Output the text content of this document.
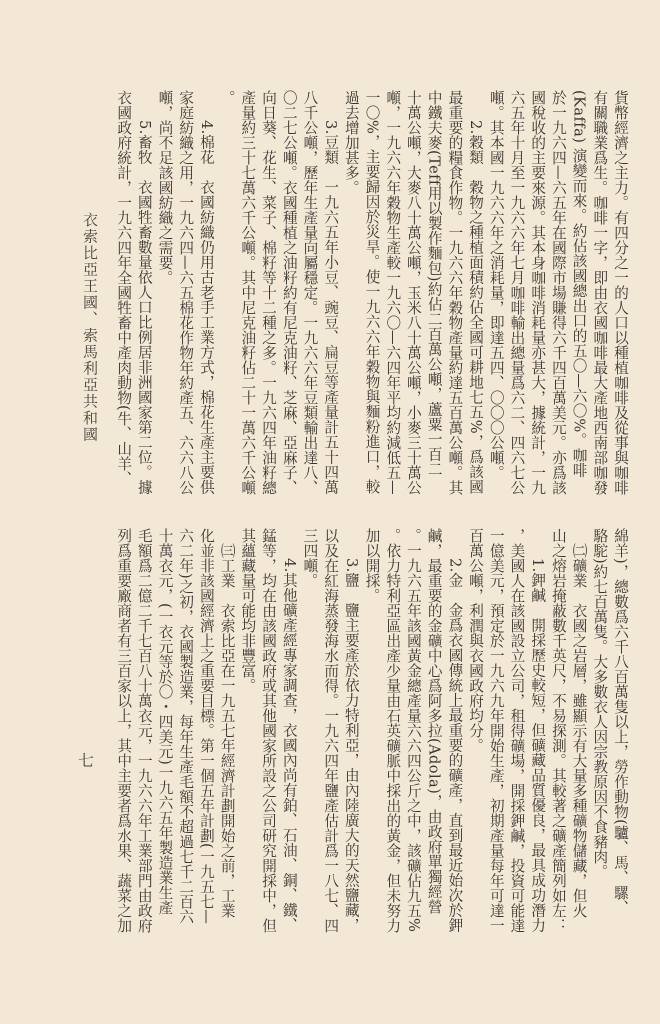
貨幣經濟之主力。有四分之一的人口以種植咖啡及從事與咖啡
有關職業爲生。咖啡一字，即由衣國咖啡最大產地西南部咖發
(Kaffa) 演變而來。約佔該國總出口的五〇—六〇%。咖啡
於一九六四—六五年在國際市場賺得六千四百萬美元。亦爲該
國稅收的主要來源。其本身咖啡消耗量亦甚大，據統計，一九
六五年十月至一九六六年七月咖啡輸出總量爲六二、四六七公
噸。其本國一九六六年之消耗量，即達五四、〇〇〇公噸。
　　2.穀類　穀物之種植面積約佔全國可耕地七五%，爲該國
最重要的糧食作物。一九六六年穀物產量約達五百萬公噸。其
中鐵夫麥(Teff用以製作麵包)約佔二百萬公噸，蘆粟一百二
十萬公噸，大麥八十萬公噸，玉米八十萬公噸，小麥三十萬公
噸，一九六六年穀物生產較一九六〇—六四年平均約減低五—
一〇%，主要歸因於災旱。使一九六六年穀物與麵粉進口，較
過去增加甚多。
　　3.豆類　一九六五年小豆、豌豆、扁豆等產量計五十四萬
八千公噸，歷年生產量向屬穩定。一九六六年豆類輸出達八、
〇二七公噸。衣國種植之油籽約有尼克油籽、芝麻、亞麻子、
向日葵、花生、菜子、棉籽等十二種之多。一九六四年油籽總
產量約三十七萬六千公噸。其中尼克油籽佔二十一萬六千公噸
。
　　4.棉花　衣國紡織仍用古老手工業方式，棉花生產主要供
家庭紡織之用，一九六四—六五棉花作物年約產五、六六八公
噸，尚不足該國紡織之需要。
　　5.畜牧　衣國牲畜數量依人口比例居非洲國家第二位。據
衣國政府統計，一九六四年全國牲畜中產肉動物(牛、山羊、
綿羊)，總數爲六千八百萬隻以上，勞作動物(驢、馬、騾、
駱駝)約七百萬隻。大多數衣人因宗教原因不食豬肉。
　㈡礦業　衣國之岩層，雖顯示有大量多種礦物儲藏，但火
山之熔岩掩蔽數千英尺，不易探測。其較著之礦產簡列如左：
　　1.鉀鹹　開採歷史較短，但礦藏品質優良，最具成功潛力
，美國人在該國設立公司，租得礦場，開採鉀鹹，投資可能達
一億美元，預定於一九六九年開始生產，初期產量每年可達一
百萬公噸，利潤與衣國政府均分。
　　2.金　金爲衣國傳統上最重要的礦產，直到最近始次於鉀
鹹，最重要的金礦中心爲阿多拉(Adola)，由政府單獨經營
。一九六五年該國黃金總產量六六四公斤之中，該礦佔九五%
。依力特利亞區出產少量由石英礦脈中採出的黃金，但未努力
加以開採。
　　3.鹽　鹽主要產於依力特利亞，由內陸廣大的天然鹽藏，
以及在紅海蒸發海水而得。一九六四年鹽產估計爲一八七、四
三四噸。
　　4.其他礦產經專家調查，衣國內尚有鉑、石油、銅、鐵、
錳等，均在由該國政府或其他國家所設之公司研究開採中，但
其蘊藏量可能均非豐富。
　㈢工業　衣索比亞在一九五七年經濟計劃開始之前，工業
化並非該國經濟上之重要目標。第一個五年計劃(一九五七—
六二年)之初，衣國製造業，每年生產毛額不超過七千二百六
十萬衣元，(一衣元等於〇・四美元)一九六五年製造業生產
毛額爲二億二千七百八十萬衣元，一九六六年工業部門由政府
列爲重要廠商者有三百家以上，其中主要者爲水果、蔬菜之加
衣索比亞王國、索馬利亞共和國
七
